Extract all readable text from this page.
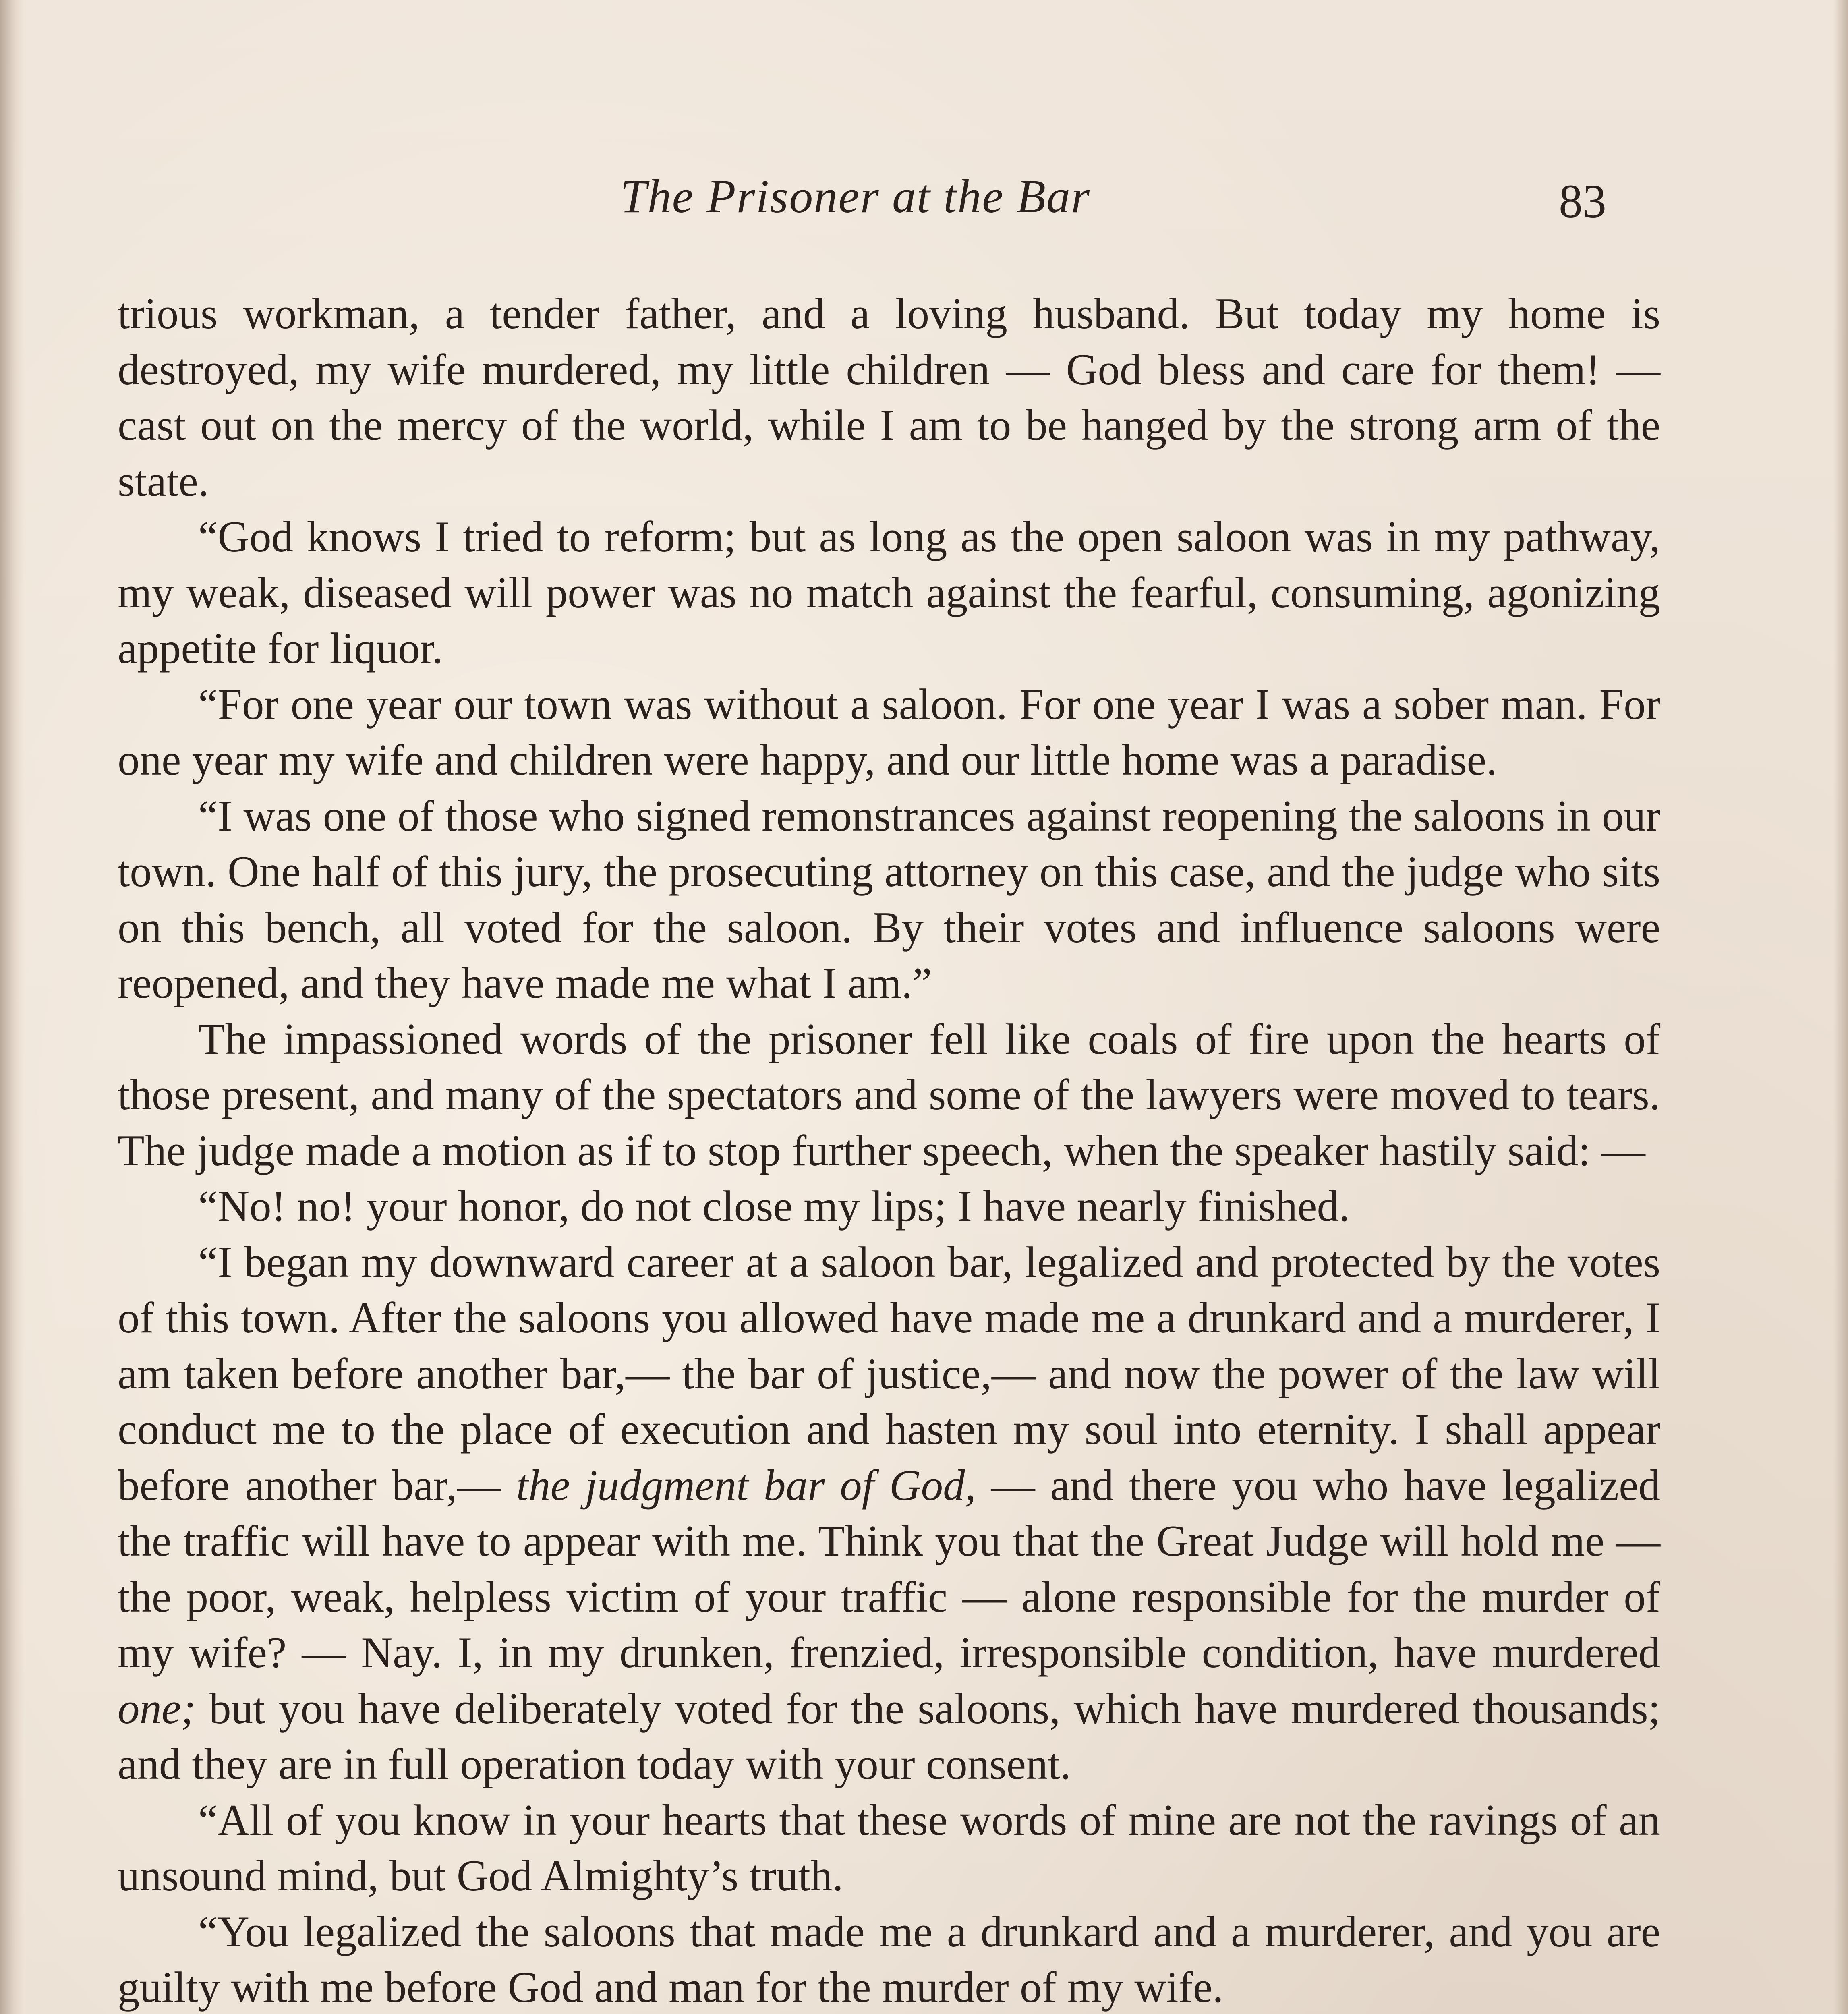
The Prisoner at the Bar	83

trious workman, a tender father, and a loving husband. But today my home is destroyed, my wife murdered, my little children — God bless and care for them! — cast out on the mercy of the world, while I am to be hanged by the strong arm of the state.

“God knows I tried to reform; but as long as the open saloon was in my pathway, my weak, diseased will power was no match against the fearful, consuming, agonizing appetite for liquor.

“For one year our town was without a saloon. For one year I was a sober man. For one year my wife and children were happy, and our little home was a paradise.

“I was one of those who signed remonstrances against reopening the saloons in our town. One half of this jury, the prosecuting attorney on this case, and the judge who sits on this bench, all voted for the saloon. By their votes and influence saloons were reopened, and they have made me what I am.”

The impassioned words of the prisoner fell like coals of fire upon the hearts of those present, and many of the spectators and some of the lawyers were moved to tears. The judge made a motion as if to stop further speech, when the speaker hastily said: —

“No! no! your honor, do not close my lips; I have nearly finished.

“I began my downward career at a saloon bar, legalized and protected by the votes of this town. After the saloons you allowed have made me a drunkard and a murderer, I am taken before another bar,— the bar of justice,— and now the power of the law will conduct me to the place of execution and hasten my soul into eternity. I shall appear before another bar,— the judgment bar of God, — and there you who have legalized the traffic will have to appear with me. Think you that the Great Judge will hold me — the poor, weak, helpless victim of your traffic — alone responsible for the murder of my wife? — Nay. I, in my drunken, frenzied, irresponsible condition, have murdered one; but you have deliberately voted for the saloons, which have murdered thousands; and they are in full operation today with your consent.

“All of you know in your hearts that these words of mine are not the ravings of an unsound mind, but God Almighty’s truth.

“You legalized the saloons that made me a drunkard and a murderer, and you are guilty with me before God and man for the murder of my wife.
